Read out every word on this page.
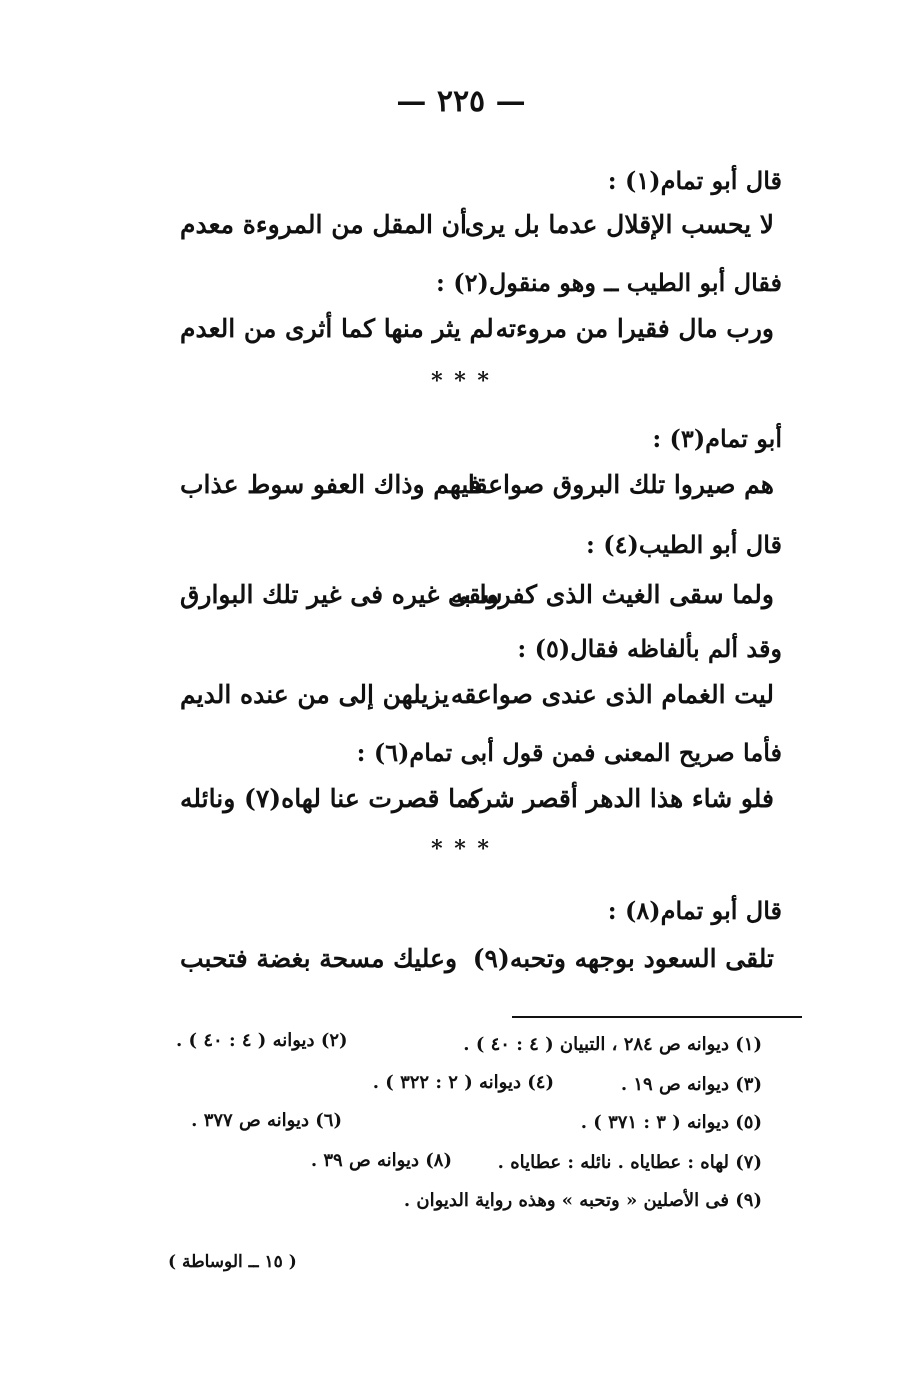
— ٢٢٥ —
قال أبو تمام(١) :
لا يحسب الإقلال عدما بل يرى
أن المقل من المروءة معدم
فقال أبو الطيب ــ وهو منقول(٢) :
ورب مال فقيرا من مروءته
لم يثر منها كما أثرى من العدم
* * *
أبو تمام(٣) :
هم صيروا تلك البروق صواعقا
فيهم وذاك العفو سوط عذاب
قال أبو الطيب(٤) :
ولما سقى الغيث الذى كفروا به
سقى غيره فى غير تلك البوارق
وقد ألم بألفاظه فقال(٥) :
ليت الغمام الذى عندى صواعقه
يزيلهن إلى من عنده الديم
فأما صريح المعنى فمن قول أبى تمام(٦) :
فلو شاء هذا الدهر أقصر شره
كما قصرت عنا لهاه(٧) ونائله
* * *
قال أبو تمام(٨) :
تلقى السعود بوجهه وتحبه(٩)
وعليك مسحة بغضة فتحبب
(١) ديوانه ص ٢٨٤ ، التبيان ( ٤ : ٤٠ ) .
(٢) ديوانه ( ٤ : ٤٠ ) .
(٣) ديوانه ص ١٩ .
(٤) ديوانه ( ٢ : ٣٢٢ ) .
(٥) ديوانه ( ٣ : ٣٧١ ) .
(٦) ديوانه ص ٣٧٧ .
(٧) لهاه : عطاياه . نائله : عطاياه .
(٨) ديوانه ص ٣٩ .
(٩) فى الأصلين « وتحبه » وهذه رواية الديوان .
( ١٥ ــ الوساطة )
